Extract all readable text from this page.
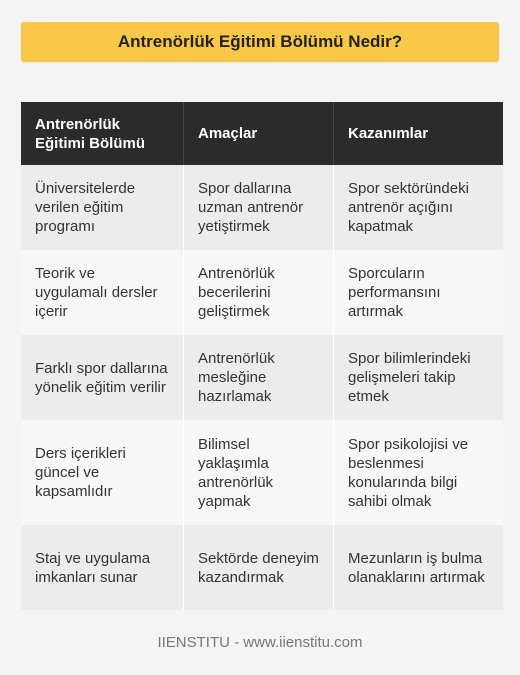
Antrenörlük Eğitimi Bölümü Nedir?
Antrenörlük Eğitimi Bölümü	Amaçlar	Kazanımlar
Üniversitelerde verilen eğitim programı	Spor dallarına uzman antrenör yetiştirmek	Spor sektöründeki antrenör açığını kapatmak
Teorik ve uygulamalı dersler içerir	Antrenörlük becerilerini geliştirmek	Sporcuların performansını artırmak
Farklı spor dallarına yönelik eğitim verilir	Antrenörlük mesleğine hazırlamak	Spor bilimlerindeki gelişmeleri takip etmek
Ders içerikleri güncel ve kapsamlıdır	Bilimsel yaklaşımla antrenörlük yapmak	Spor psikolojisi ve beslenmesi konularında bilgi sahibi olmak
Staj ve uygulama imkanları sunar	Sektörde deneyim kazandırmak	Mezunların iş bulma olanaklarını artırmak
IIENSTITU - www.iienstitu.com
